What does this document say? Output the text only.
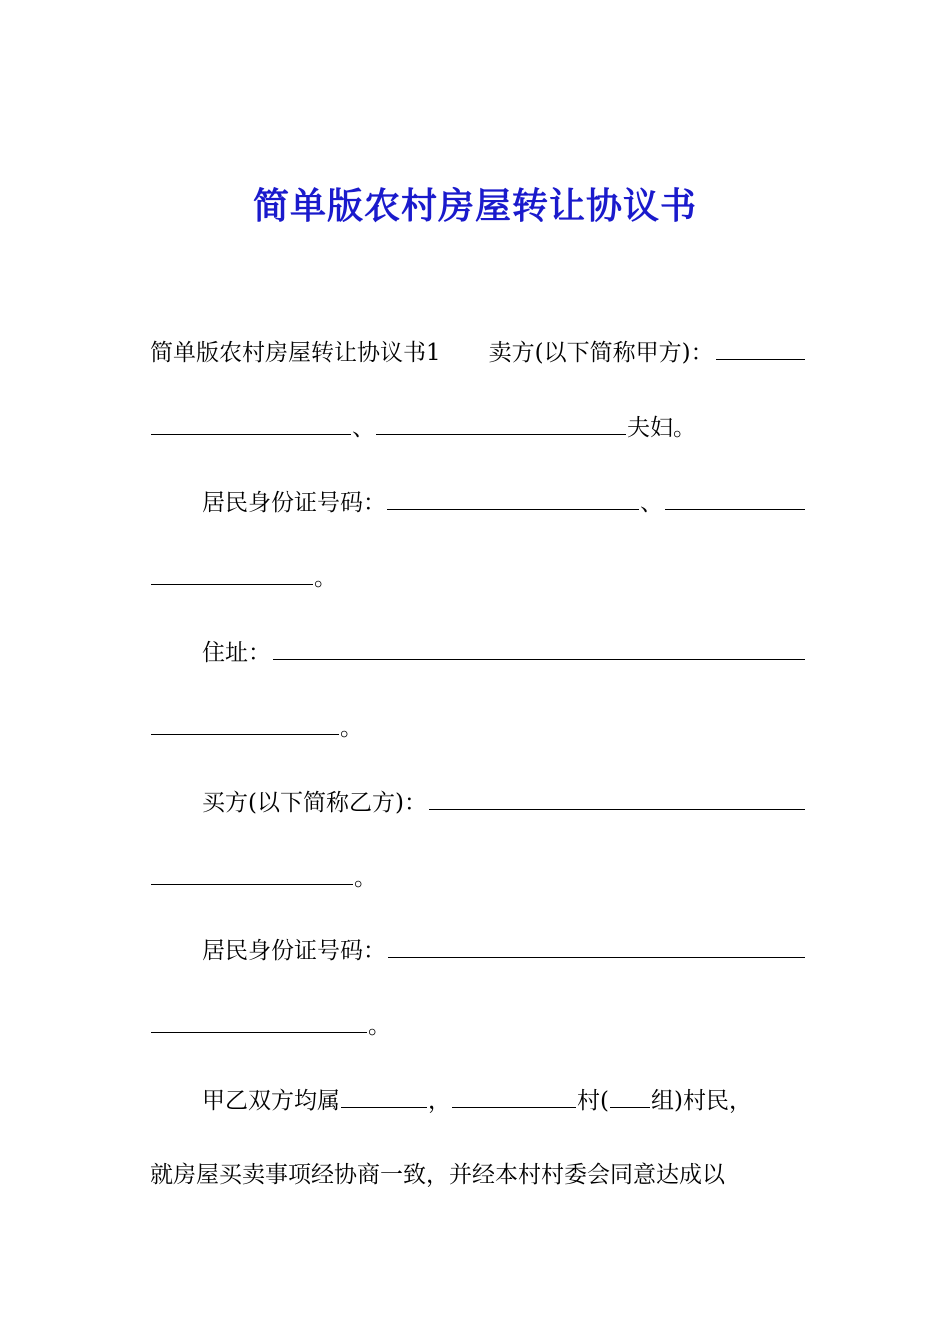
简单版农村房屋转让协议书
简单版农村房屋转让协议书1 卖方(以下简称甲方)：
、	夫妇。
居民身份证号码：	、
。
住址：
。
买方(以下简称乙方)：
。
居民身份证号码：
。
甲乙双方均属	，	村( 组)村民，
就房屋买卖事项经协商一致，并经本村村委会同意达成以
